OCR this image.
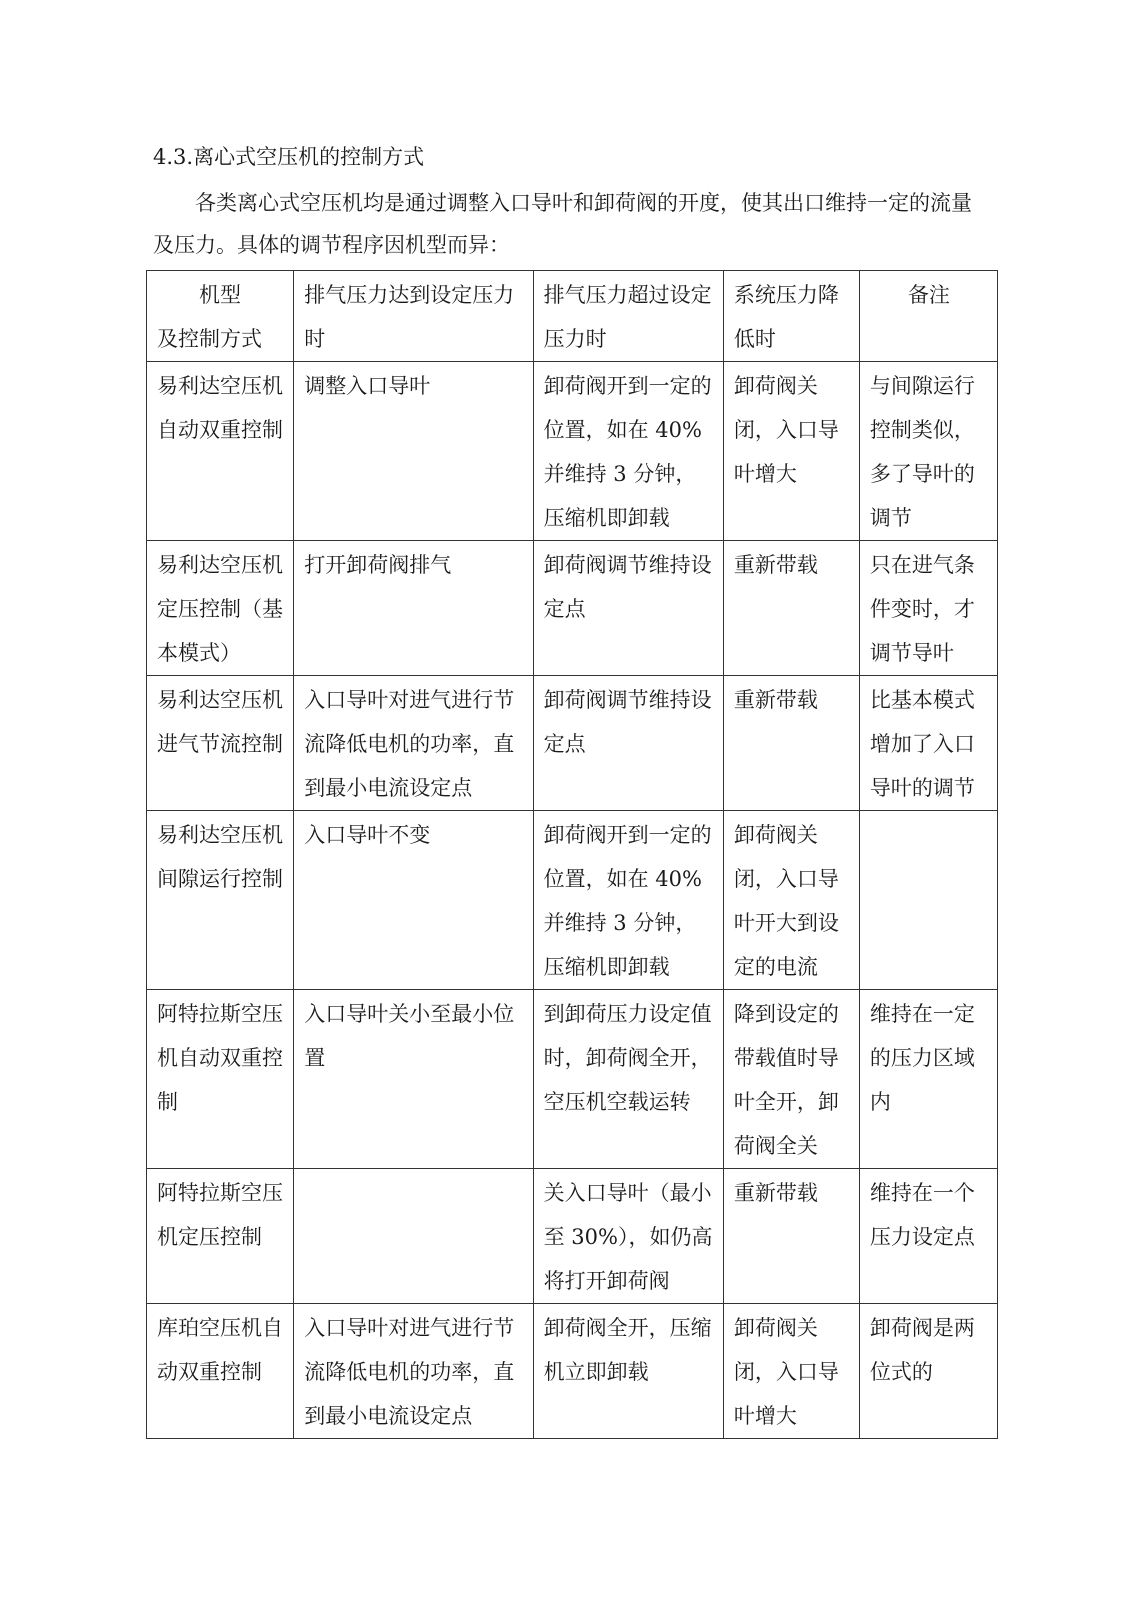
4.3.离心式空压机的控制方式

各类离心式空压机均是通过调整入口导叶和卸荷阀的开度，使其出口维持一定的流量及压力。具体的调节程序因机型而异：

机型
及控制方式	排气压力达到设定压力时	排气压力超过设定压力时	系统压力降低时	备注
易利达空压机自动双重控制	调整入口导叶	卸荷阀开到一定的位置，如在 40% 并维持 3 分钟，压缩机即卸载	卸荷阀关闭，入口导叶增大	与间隙运行控制类似，多了导叶的调节
易利达空压机定压控制（基本模式）	打开卸荷阀排气	卸荷阀调节维持设定点	重新带载	只在进气条件变时，才调节导叶
易利达空压机进气节流控制	入口导叶对进气进行节流降低电机的功率，直到最小电流设定点	卸荷阀调节维持设定点	重新带载	比基本模式增加了入口导叶的调节
易利达空压机间隙运行控制	入口导叶不变	卸荷阀开到一定的位置，如在 40% 并维持 3 分钟，压缩机即卸载	卸荷阀关闭，入口导叶开大到设定的电流	
阿特拉斯空压机自动双重控制	入口导叶关小至最小位置	到卸荷压力设定值时，卸荷阀全开，空压机空载运转	降到设定的带载值时导叶全开，卸荷阀全关	维持在一定的压力区域内
阿特拉斯空压机定压控制		关入口导叶（最小至 30%），如仍高将打开卸荷阀	重新带载	维持在一个压力设定点
库珀空压机自动双重控制	入口导叶对进气进行节流降低电机的功率，直到最小电流设定点	卸荷阀全开，压缩机立即卸载	卸荷阀关闭，入口导叶增大	卸荷阀是两位式的
